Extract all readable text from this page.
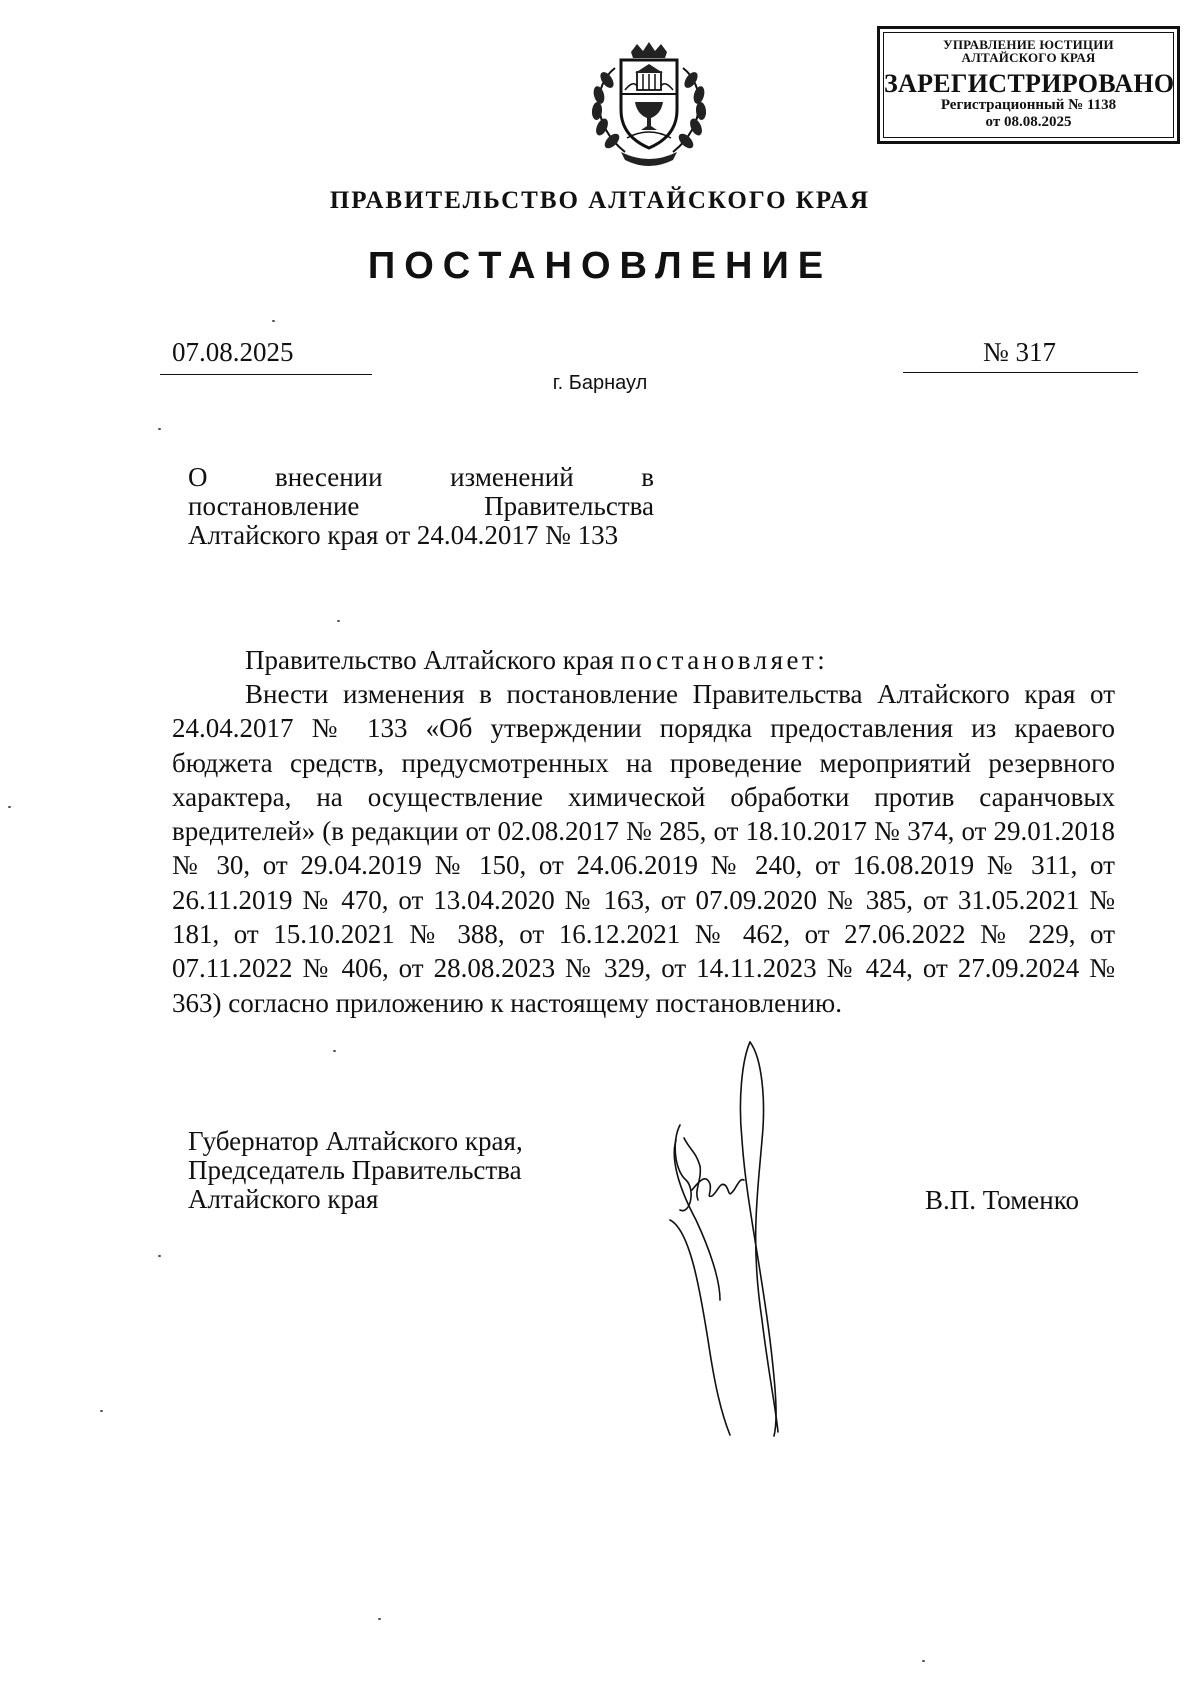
УПРАВЛЕНИЕ ЮСТИЦИИ
АЛТАЙСКОГО КРАЯ
ЗАРЕГИСТРИРОВАНО
Регистрационный № 1138
от 08.08.2025
ПРАВИТЕЛЬСТВО АЛТАЙСКОГО КРАЯ
ПОСТАНОВЛЕНИЕ
07.08.2025	№ 317
г. Барнаул
О внесении изменений в
постановление Правительства
Алтайского края от 24.04.2017 № 133
Правительство Алтайского края постановляет:
Внести изменения в постановление Правительства Алтайского края от 24.04.2017 № 133 «Об утверждении порядка предоставления из краевого бюджета средств, предусмотренных на проведение мероприятий резервного характера, на осуществление химической обработки против саранчовых вредителей» (в редакции от 02.08.2017 № 285, от 18.10.2017 № 374, от 29.01.2018 № 30, от 29.04.2019 № 150, от 24.06.2019 № 240, от 16.08.2019 № 311, от 26.11.2019 № 470, от 13.04.2020 № 163, от 07.09.2020 № 385, от 31.05.2021 № 181, от 15.10.2021 № 388, от 16.12.2021 № 462, от 27.06.2022 № 229, от 07.11.2022 № 406, от 28.08.2023 № 329, от 14.11.2023 № 424, от 27.09.2024 № 363) согласно приложению к настоящему постановлению.
Губернатор Алтайского края,
Председатель Правительства
Алтайского края	В.П. Томенко
